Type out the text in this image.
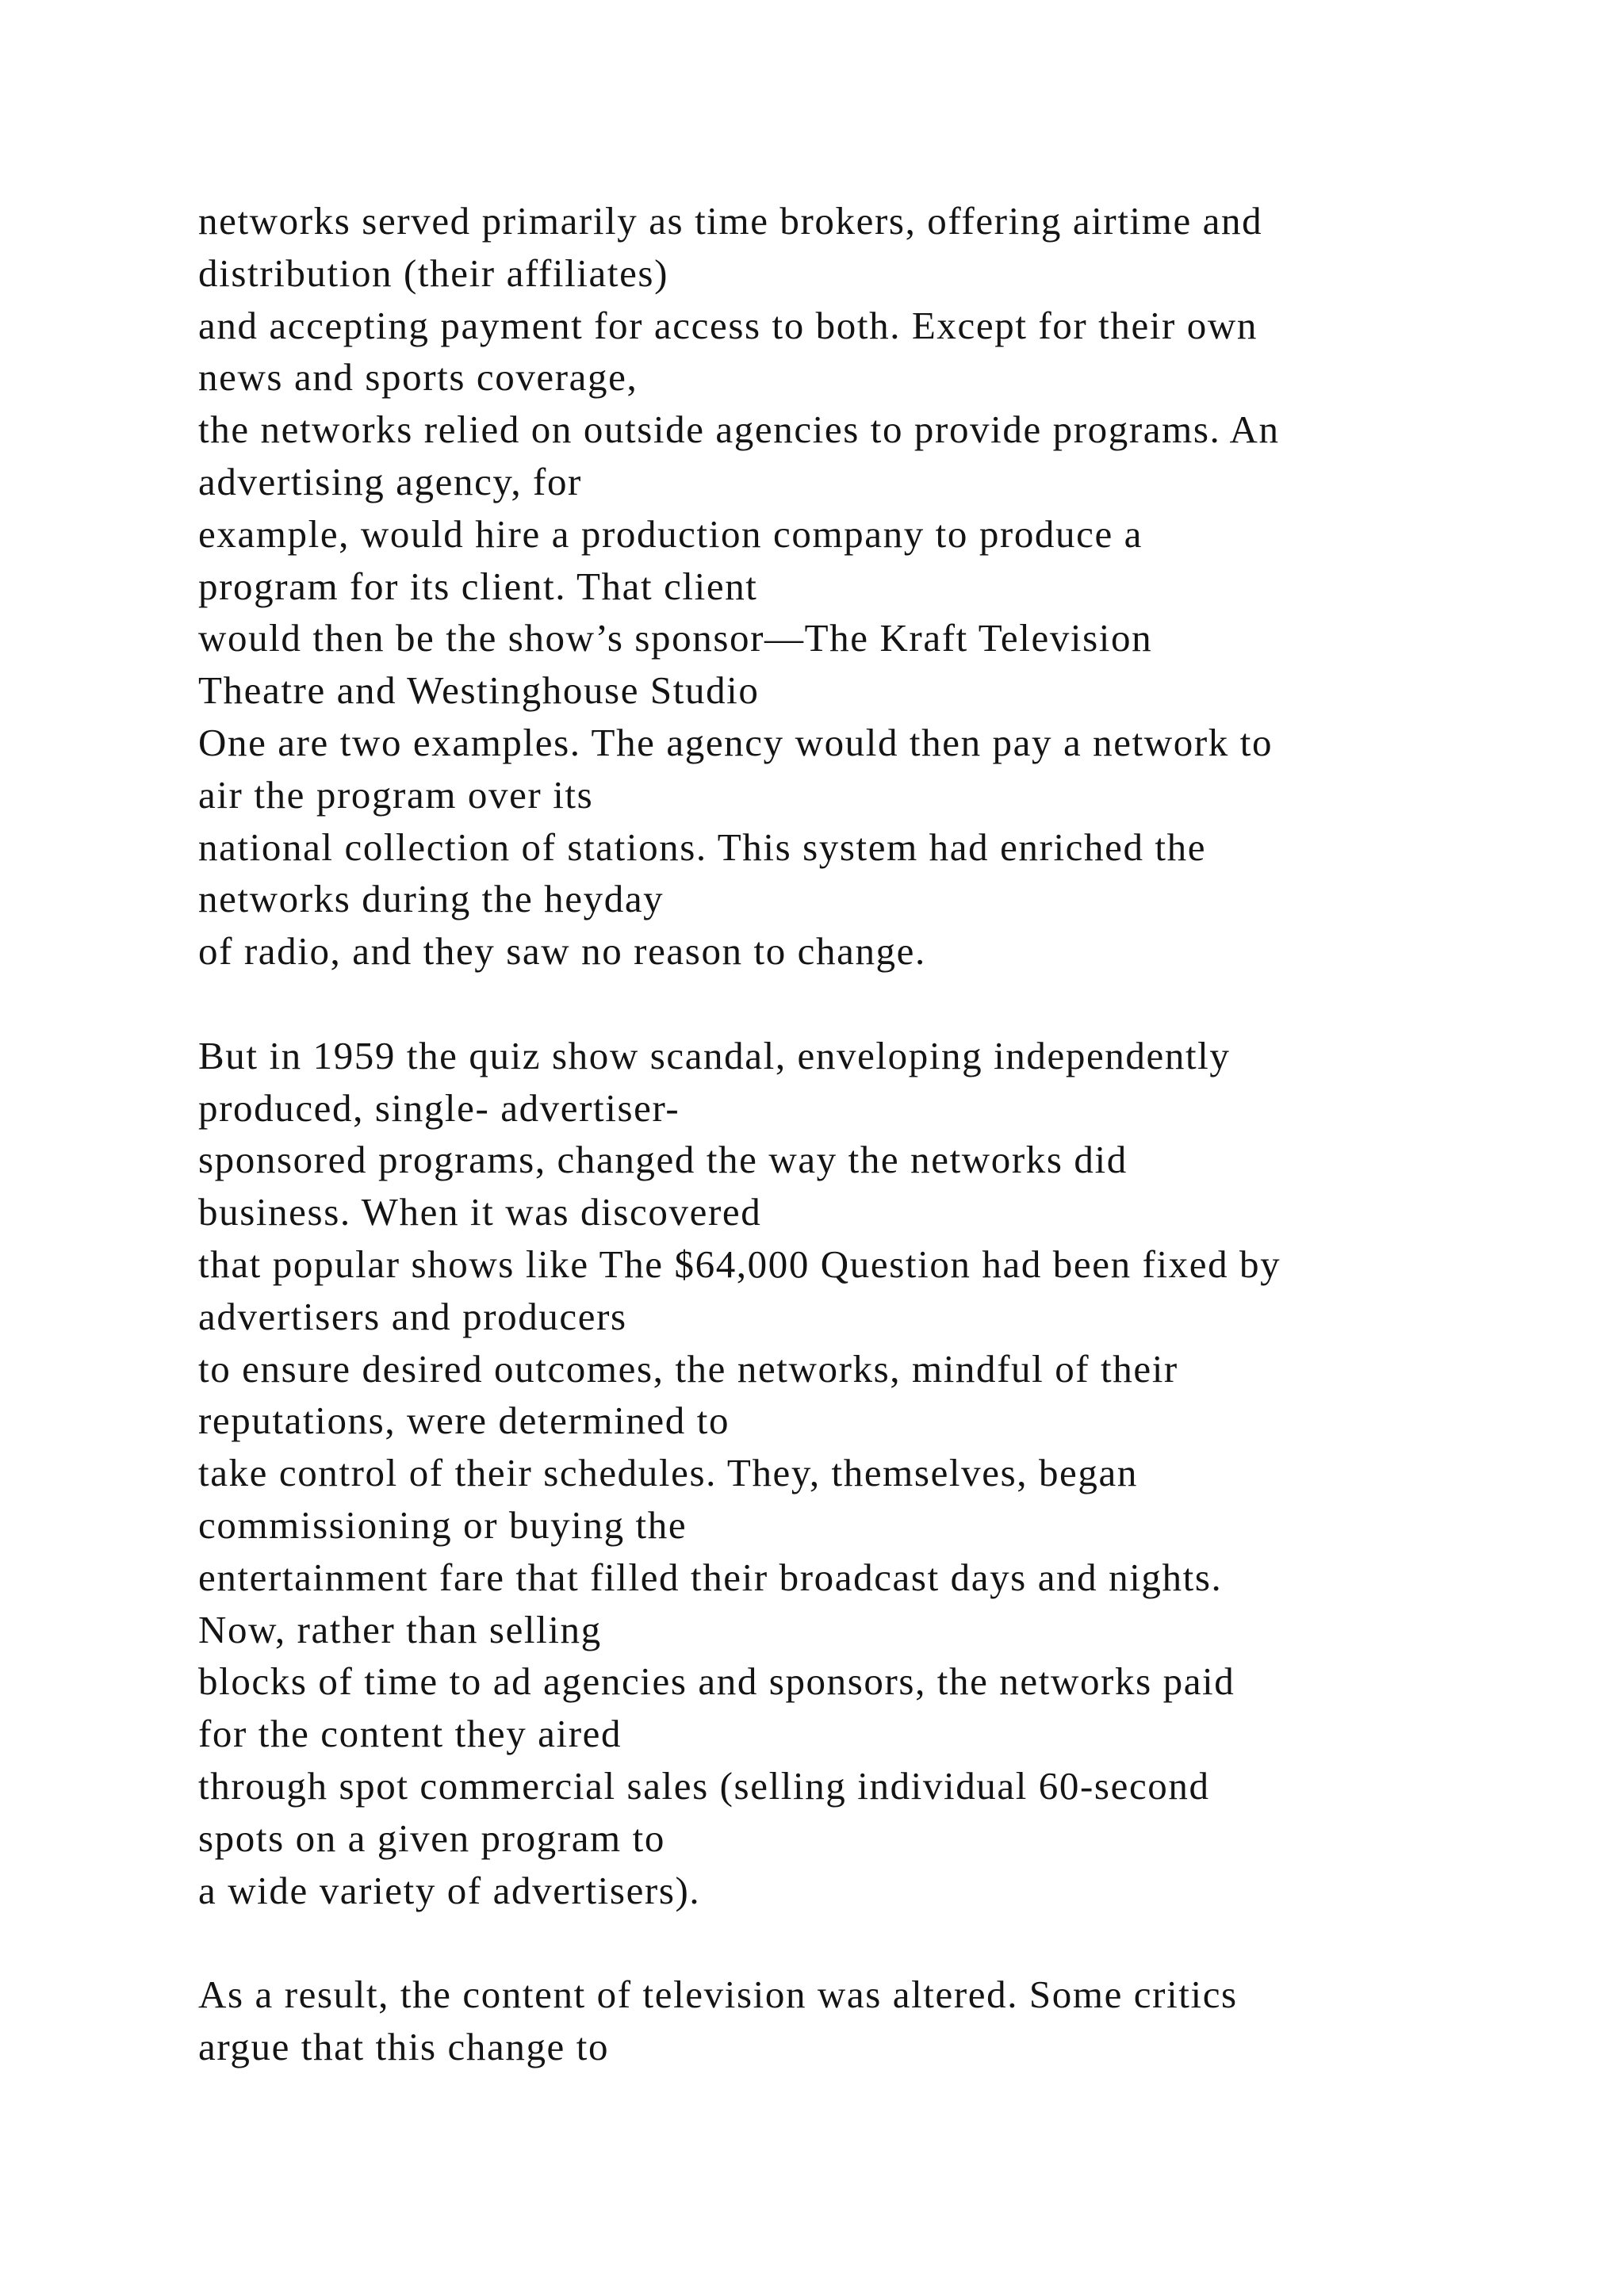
networks served primarily as time brokers, offering airtime and
distribution (their affiliates)
and accepting payment for access to both. Except for their own
news and sports coverage,
the networks relied on outside agencies to provide programs. An
advertising agency, for
example, would hire a production company to produce a
program for its client. That client
would then be the show’s sponsor—The Kraft Television
Theatre and Westinghouse Studio
One are two examples. The agency would then pay a network to
air the program over its
national collection of stations. This system had enriched the
networks during the heyday
of radio, and they saw no reason to change.
But in 1959 the quiz show scandal, enveloping independently
produced, single- advertiser-
sponsored programs, changed the way the networks did
business. When it was discovered
that popular shows like The $64,000 Question had been fixed by
advertisers and producers
to ensure desired outcomes, the networks, mindful of their
reputations, were determined to
take control of their schedules. They, themselves, began
commissioning or buying the
entertainment fare that filled their broadcast days and nights.
Now, rather than selling
blocks of time to ad agencies and sponsors, the networks paid
for the content they aired
through spot commercial sales (selling individual 60-second
spots on a given program to
a wide variety of advertisers).
As a result, the content of television was altered. Some critics
argue that this change to
